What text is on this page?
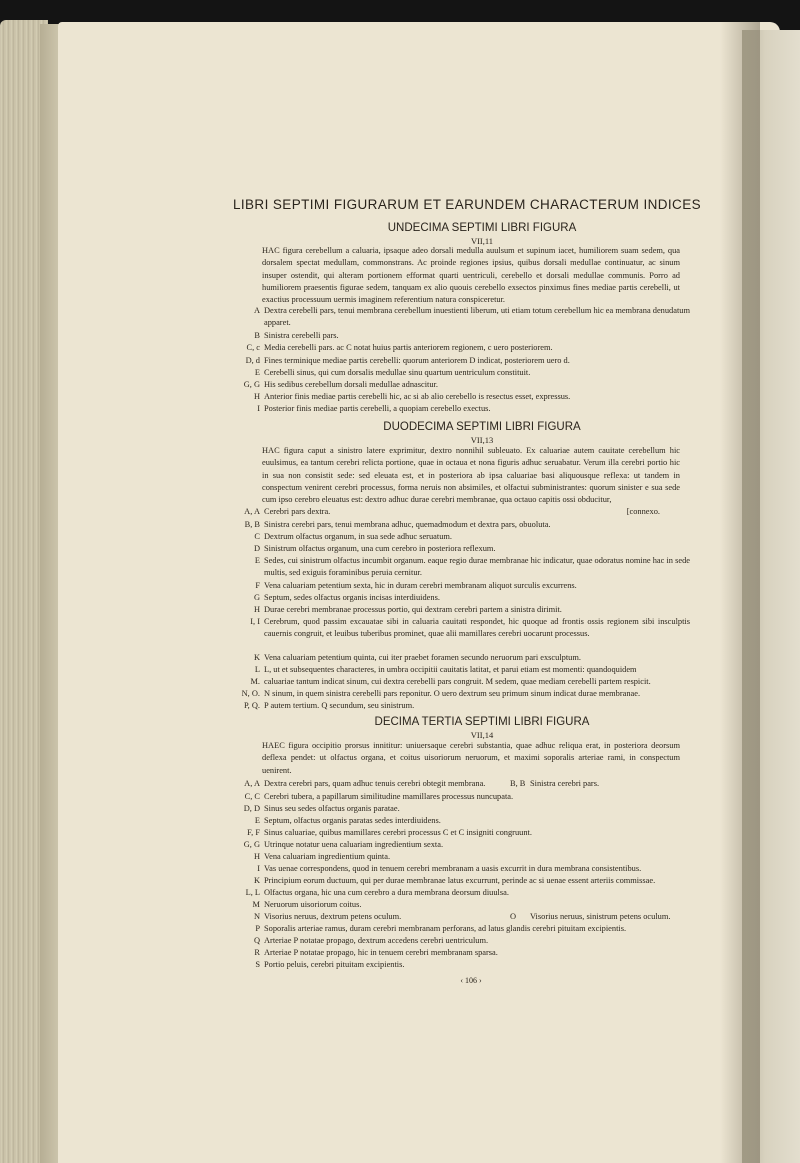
LIBRI SEPTIMI FIGURARUM ET EARUNDEM CHARACTERUM INDICES
UNDECIMA SEPTIMI LIBRI FIGURA
VII,11
HAC figura cerebellum a caluaria, ipsaque adeo dorsali medulla auulsum et supinum iacet, humiliorem suam sedem, qua dorsalem spectat medullam, commonstrans. Ac proinde regiones ipsius, quibus dorsali medullae continuatur, ac sinum insuper ostendit, qui alteram portionem efformat quarti uentriculi, cerebello et dorsali medullae communis. Porro ad humiliorem praesentis figurae sedem, tanquam ex alio quouis cerebello exsectos pinximus fines mediae partis cerebelli, ut exactius processuum uermis imaginem referentium natura conspiceretur.
A Dextra cerebelli pars, tenui membrana cerebellum inuestienti liberum, uti etiam totum cerebellum hic ea membrana denudatum apparet.
B Sinistra cerebelli pars.
C, c Media cerebelli pars. ac C notat huius partis anteriorem regionem, c uero posteriorem.
D, d Fines terminique mediae partis cerebelli: quorum anteriorem D indicat, posteriorem uero d.
E Cerebelli sinus, qui cum dorsalis medullae sinu quartum uentriculum constituit.
G, G His sedibus cerebellum dorsali medullae adnascitur.
H Anterior finis mediae partis cerebelli hic, ac si ab alio cerebello is resectus esset, expressus.
I Posterior finis mediae partis cerebelli, a quopiam cerebello exectus.
DUODECIMA SEPTIMI LIBRI FIGURA
VII,13
HAC figura caput a sinistro latere exprimitur, dextro nonnihil subleuato. Ex caluariae autem cauitate cerebellum hic euulsimus, ea tantum cerebri relicta portione, quae in octaua et nona figuris adhuc seruabatur. Verum illa cerebri portio hic in sua non consistit sede: sed eleuata est, et in posteriora ab ipsa caluariae basi aliquousque reflexa: ut tandem in conspectum venirent cerebri processus, forma neruis non absimiles, et olfactui subministrantes: quorum sinister e sua sede cum ipso cerebro eleuatus est: dextro adhuc durae cerebri membranae, qua octauo capitis ossi obducitur,
A, A Cerebri pars dextra.	[connexo.
B, B Sinistra cerebri pars, tenui membrana adhuc, quemadmodum et dextra pars, obuoluta.
C Dextrum olfactus organum, in sua sede adhuc seruatum.
D Sinistrum olfactus organum, una cum cerebro in posteriora reflexum.
E Sedes, cui sinistrum olfactus incumbit organum. eaque regio durae membranae hic indicatur, quae odoratus nomine hac in sede multis, sed exiguis foraminibus peruia cernitur.
F Vena caluariam petentium sexta, hic in duram cerebri membranam aliquot surculis excurrens.
G Septum, sedes olfactus organis incisas interdiuidens.
H Durae cerebri membranae processus portio, qui dextram cerebri partem a sinistra dirimit.
I, I Cerebrum, quod passim excauatae sibi in caluaria cauitati respondet, hic quoque ad frontis ossis regionem sibi insculptis cauernis congruit, et leuibus tuberibus prominet, quae alii mamillares cerebri uocarunt processus.
K Vena caluariam petentium quinta, cui iter praebet foramen secundo neruorum pari exsculptum.
L L, ut et subsequentes characteres, in umbra occipitii cauitatis latitat, et parui etiam est momenti: quandoquidem
M. caluariae tantum indicat sinum, cui dextra cerebelli pars congruit. M sedem, quae mediam cerebelli partem respicit.
N, O. N sinum, in quem sinistra cerebelli pars reponitur. O uero dextrum seu primum sinum indicat durae membranae.
P, Q. P autem tertium. Q secundum, seu sinistrum.
DECIMA TERTIA SEPTIMI LIBRI FIGURA
VII,14
HAEC figura occipitio prorsus innititur: uniuersaque cerebri substantia, quae adhuc reliqua erat, in posteriora deorsum deflexa pendet: ut olfactus organa, et coitus uisoriorum neruorum, et maximi soporalis arteriae rami, in conspectum uenirent.
A, A Dextra cerebri pars, quam adhuc tenuis cerebri obtegit membrana.	B, B Sinistra cerebri pars.
C, C Cerebri tubera, a papillarum similitudine mamillares processus nuncupata.
D, D Sinus seu sedes olfactus organis paratae.
E Septum, olfactus organis paratas sedes interdiuidens.
F, F Sinus caluariae, quibus mamillares cerebri processus C et C insigniti congruunt.
G, G Utrinque notatur uena caluariam ingredientium sexta.
H Vena caluariam ingredientium quinta.
I Vas uenae correspondens, quod in tenuem cerebri membranam a uasis excurrit in dura membrana consistentibus.
K Principium eorum ductuum, qui per durae membranae latus excurrunt, perinde ac si uenae essent arteriis commissae.
L, L Olfactus organa, hic una cum cerebro a dura membrana deorsum diuulsa.
M Neruorum uisoriorum coitus.
N Visorius neruus, dextrum petens oculum.	O Visorius neruus, sinistrum petens oculum.
P Soporalis arteriae ramus, duram cerebri membranam perforans, ad latus glandis cerebri pituitam excipientis.
Q Arteriae P notatae propago, dextrum accedens cerebri uentriculum.
R Arteriae P notatae propago, hic in tenuem cerebri membranam sparsa.
S Portio peluis, cerebri pituitam excipientis.
‹ 106 ›
